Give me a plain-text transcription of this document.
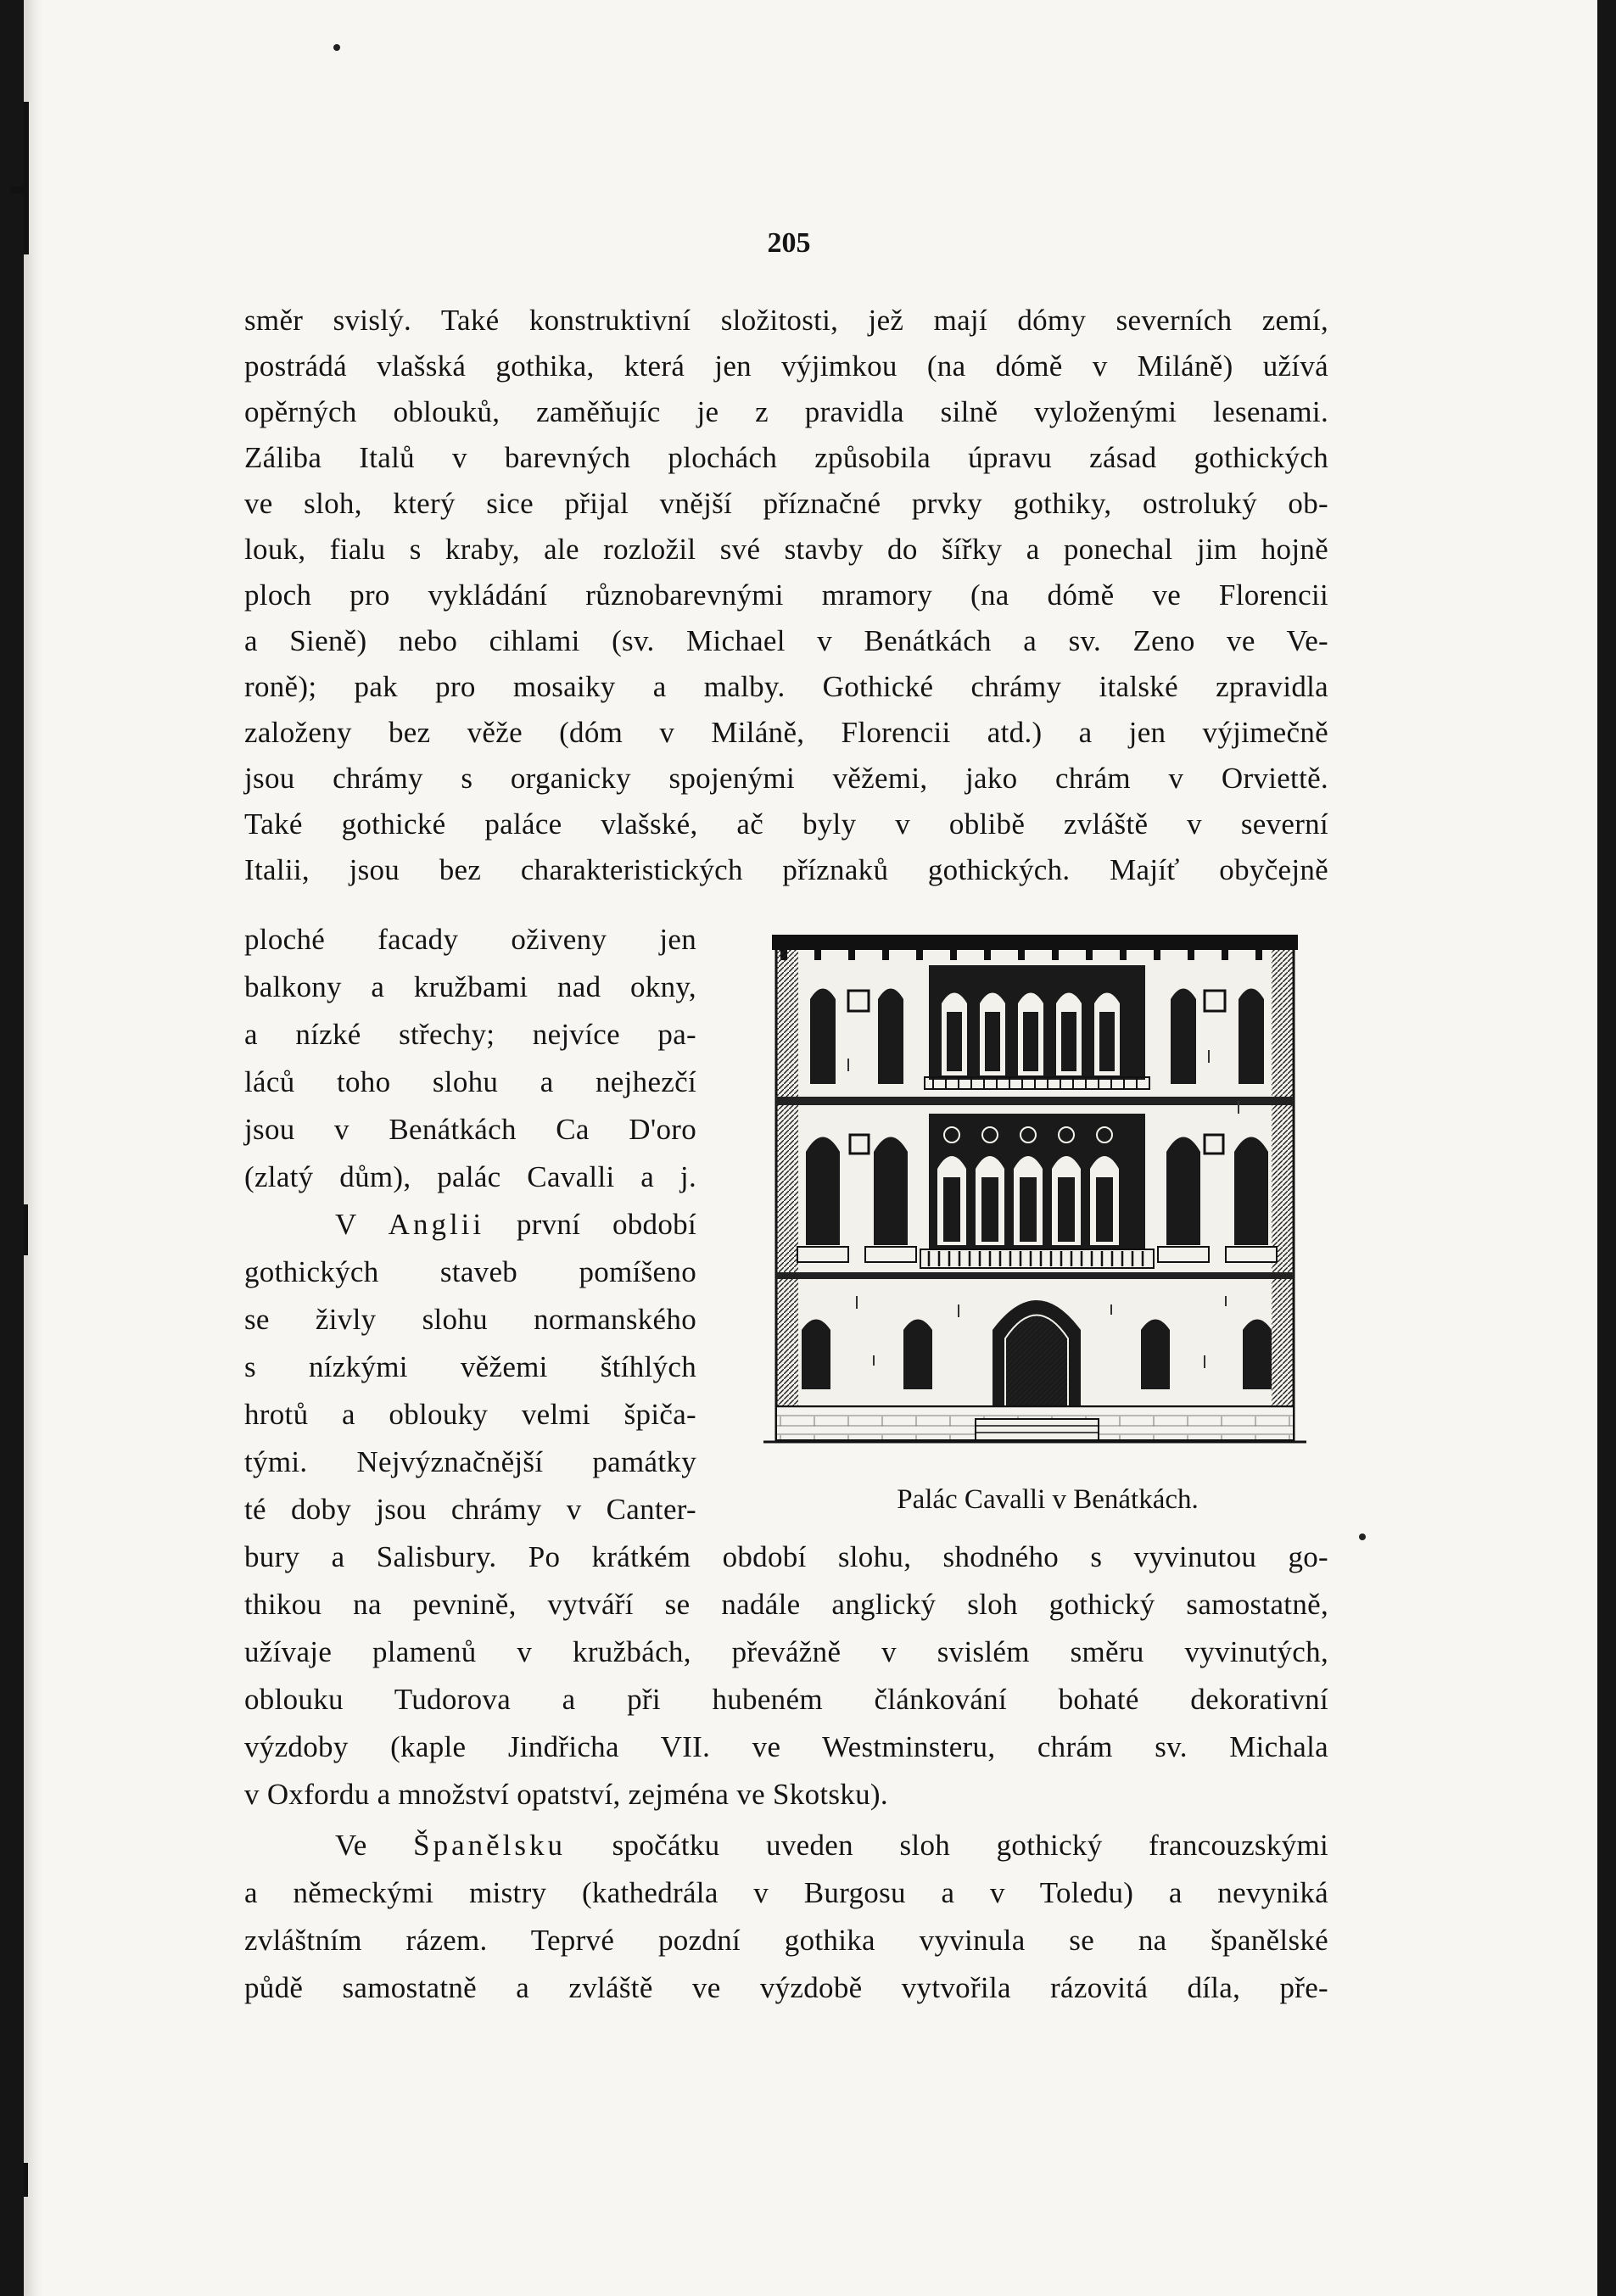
205
směr svislý. Také konstruktivní složitosti, jež mají dómy severních zemí,
postrádá vlašská gothika, která jen výjimkou (na dómě v Miláně) užívá
opěrných oblouků, zaměňujíc je z pravidla silně vyloženými lesenami.
Záliba Italů v barevných plochách způsobila úpravu zásad gothických
ve sloh, který sice přijal vnější příznačné prvky gothiky, ostroluký ob-
louk, fialu s kraby, ale rozložil své stavby do šířky a ponechal jim hojně
ploch pro vykládání různobarevnými mramory (na dómě ve Florencii
a Sieně) nebo cihlami (sv. Michael v Benátkách a sv. Zeno ve Ve-
roně); pak pro mosaiky a malby. Gothické chrámy italské zpravidla
založeny bez věže (dóm v Miláně, Florencii atd.) a jen výjimečně
jsou chrámy s organicky spojenými věžemi, jako chrám v Orviettě.
Také gothické paláce vlašské, ač byly v oblibě zvláště v severní
Italii, jsou bez charakteristických příznaků gothických. Majíť obyčejně
ploché facady oživeny jen
balkony a kružbami nad okny,
a nízké střechy; nejvíce pa-
láců toho slohu a nejhezčí
jsou v Benátkách Ca D'oro
(zlatý dům), palác Cavalli a j.
V Anglii první období
gothických staveb pomíšeno
se živly slohu normanského
s nízkými věžemi štíhlých
hrotů a oblouky velmi špiča-
tými. Nejvýznačnější památky
té doby jsou chrámy v Canter-
bury a Salisbury. Po krátkém období slohu, shodného s vyvinutou go-
thikou na pevnině, vytváří se nadále anglický sloh gothický samostatně,
užívaje plamenů v kružbách, převážně v svislém směru vyvinutých,
oblouku Tudorova a při hubeném článkování bohaté dekorativní
výzdoby (kaple Jindřicha VII. ve Westminsteru, chrám sv. Michala
v Oxfordu a množství opatství, zejména ve Skotsku).
Ve Španělsku spočátku uveden sloh gothický francouzskými
a německými mistry (kathedrála v Burgosu a v Toledu) a nevyniká
zvláštním rázem. Teprvé pozdní gothika vyvinula se na španělské
půdě samostatně a zvláště ve výzdobě vytvořila rázovitá díla, pře-
Palác Cavalli v Benátkách.
